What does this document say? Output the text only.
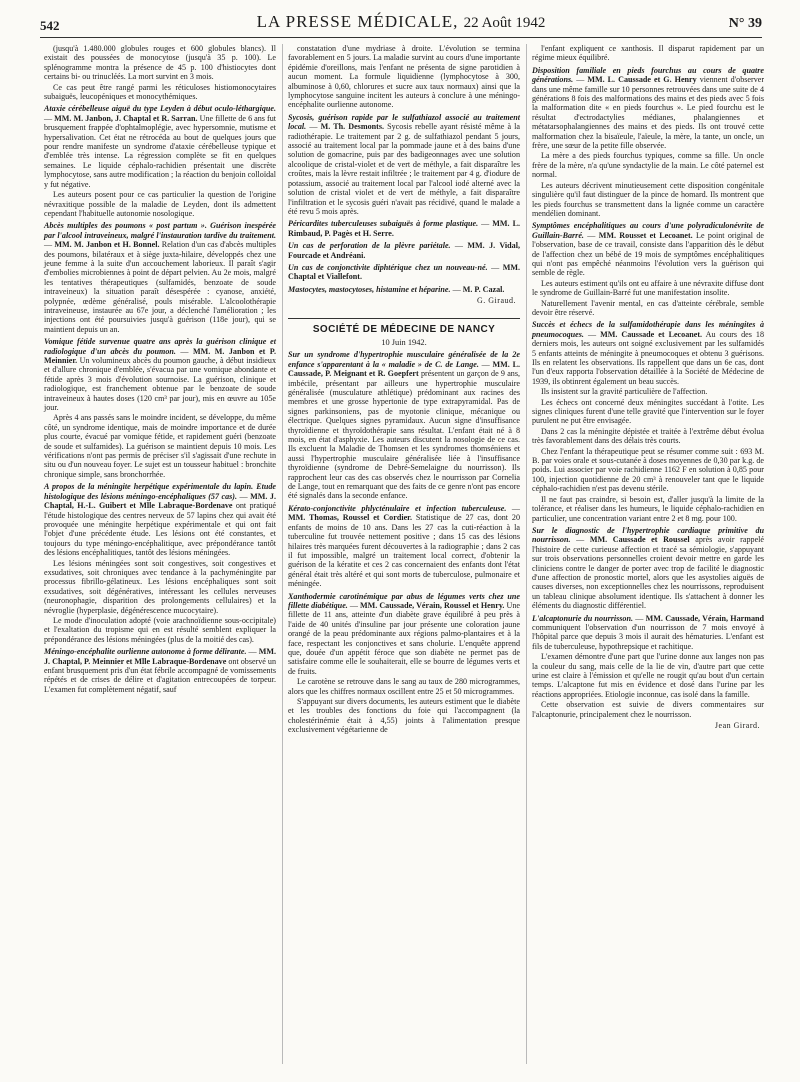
542	LA PRESSE MÉDICALE, 22 Août 1942	N° 39

(jusqu'à 1.480.000 globules rouges et 600 globules blancs). Il existait des poussées de monocytose (jusqu'à 35 p. 100). Le splénogramme montra la présence de 45 p. 100 d'histiocytes dont certains bi- ou trinucléés. La mort survint en 3 mois.

Ce cas peut être rangé parmi les réticuloses histiomonocytaires subaiguës, leucopéniques et monocythémiques.

Ataxie cérébelleuse aiguë du type Leyden à début oculo-léthargique. — MM. M. Janbon, J. Chaptal et R. Sarran. Une fillette de 6 ans fut brusquement frappée d'ophtalmoplégie, avec hypersomnie, mutisme et hypersalivation. Cet état ne rétrocéda au bout de quelques jours que pour rendre manifeste un syndrome d'ataxie cérébelleuse typique et d'emblée très intense. La régression complète se fit en quelques semaines. Le liquide céphalo-rachidien présentait une discrète lymphocytose, sans autre modification ; la réaction du benjoin colloïdal y fut négative.

Les auteurs posent pour ce cas particulier la question de l'origine névraxitique possible de la maladie de Leyden, dont ils admettent cependant l'habituelle autonomie nosologique.

Abcès multiples des poumons « post partum ». Guérison inespérée par l'alcool intraveineux, malgré l'instauration tardive du traitement. — MM. M. Janbon et H. Bonnel. Relation d'un cas d'abcès multiples des poumons, bilatéraux et à siège juxta-hilaire, développés chez une jeune femme à la suite d'un accouchement laborieux. Il paraît s'agir d'embolies microbiennes à point de départ pelvien. Au 2e mois, malgré les tentatives thérapeutiques (sulfamidés, benzoate de soude intraveineux) la situation paraît désespérée : cyanose, anxiété, polypnée, œdème généralisé, pouls misérable. L'alcoolothérapie intraveineuse, instaurée au 67e jour, a déclenché l'amélioration ; les injections ont été poursuivies jusqu'à guérison (118e jour), qui se maintient depuis un an.

Vomique fétide survenue quatre ans après la guérison clinique et radiologique d'un abcès du poumon. — MM. M. Janbon et P. Meinnier. Un volumineux abcès du poumon gauche, à début insidieux et d'allure chronique d'emblée, s'évacua par une vomique abondante et fétide après 3 mois d'évolution sournoise. La guérison, clinique et radiologique, est franchement obtenue par le benzoate de soude intraveineux à hautes doses (120 cm³ par jour), mis en œuvre au 105e jour.

Après 4 ans passés sans le moindre incident, se développe, du même côté, un syndrome identique, mais de moindre importance et de durée plus courte, évacué par vomique fétide, et rapidement guéri (benzoate de soude et sulfamides). La guérison se maintient depuis 10 mois. Les vérifications n'ont pas permis de préciser s'il s'agissait d'une rechute in situ ou d'un nouveau foyer. Le sujet est un tousseur habituel : bronchite chronique simple, sans bronchorrhée.

A propos de la méningite herpétique expérimentale du lapin. Etude histologique des lésions méningo-encéphaliques (57 cas). — MM. J. Chaptal, H.-L. Guibert et Mlle Labraque-Bordenave ont pratiqué l'étude histologique des centres nerveux de 57 lapins chez qui avait été provoquée une méningite herpétique expérimentale et qui ont fait l'objet d'une précédente étude. Les lésions ont été constantes, et toujours du type méningo-encéphalitique, avec prépondérance tantôt des lésions encéphalitiques, tantôt des lésions méningées.

Les lésions méningées sont soit congestives, soit congestives et exsudatives, soit chroniques avec tendance à la pachyméningite par processus fibrillo-gélatineux. Les lésions encéphaliques sont soit exsudatives, soit dégénératives, intéressant les cellules nerveuses (neuronophagie, disparition des prolongements cellulaires) et la névroglie (hyperplasie, dégénérescence mucocytaire).

Le mode d'inoculation adopté (voie arachnoïdienne sous-occipitale) et l'exaltation du tropisme qui en est résulté semblent expliquer la prépondérance des lésions méningées (plus de la moitié des cas).

Méningo-encéphalite ourlienne autonome à forme délirante. — MM. J. Chaptal, P. Meinnier et Mlle Labraque-Bordenave ont observé un enfant brusquement pris d'un état fébrile accompagné de vomissements répétés et de crises de délire et d'agitation entrecoupées de torpeur. L'examen fut complètement négatif, sauf

constatation d'une mydriase à droite. L'évolution se termina favorablement en 5 jours. La maladie survint au cours d'une importante épidémie d'oreillons, mais l'enfant ne présenta de signe parotidien à aucun moment. La formule liquidienne (lymphocytose à 300, albuminose à 0,60, chlorures et sucre aux taux normaux) ainsi que la lymphocytose sanguine incitent les auteurs à conclure à une méningo-encéphalite ourlienne autonome.

Sycosis, guérison rapide par le sulfathiazol associé au traitement local. — M. Th. Desmonts. Sycosis rebelle ayant résisté même à la radiothérapie. Le traitement par 2 g. de sulfathiazol pendant 5 jours, associé au traitement local par la pommade jaune et à des bains d'une solution de gomacrine, puis par des badigeonnages avec une solution alcoolique de cristal-violet et de vert de méthyle, a fait disparaître les croûtes, mais la lèvre restait infiltrée ; le traitement par 4 g. d'iodure de potassium, associé au traitement local par l'alcool iodé alterné avec la solution de cristal violet et de vert de méthyle, a fait disparaître l'infiltration et le sycosis guéri n'avait pas récidivé, quand le malade a été revu 5 mois après.

Péricardites tuberculeuses subaiguës à forme plastique. — MM. L. Rimbaud, P. Pagès et H. Serre.

Un cas de perforation de la plèvre pariétale. — MM. J. Vidal, Fourcade et Andréani.

Un cas de conjonctivite diphtérique chez un nouveau-né. — MM. Chaptal et Viallefont.

Mastocytes, mastocytoses, histamine et héparine. — M. P. Cazal.

G. Giraud.
SOCIÉTÉ DE MÉDECINE DE NANCY
10 Juin 1942.

Sur un syndrome d'hypertrophie musculaire généralisée de la 2e enfance s'apparentant à la « maladie » de C. de Lange. — MM. L. Caussade, P. Meignant et R. Goepfert présentent un garçon de 9 ans, imbécile, présentant par ailleurs une hypertrophie musculaire généralisée (musculature athlétique) prédominant aux racines des membres et une grosse hypertonie de type extrapyramidal. Pas de signes parkinsoniens, pas de myotonie clinique, mécanique ou électrique. Quelques signes pyramidaux. Aucun signe d'insuffisance thyroïdienne et thyroïdothérapie sans résultat. L'enfant était né à 8 mois, en état d'asphyxie. Les auteurs discutent la nosologie de ce cas. Ils excluent la Maladie de Thomsen et les syndromes thomséniens et aussi l'hypertrophie musculaire généralisée liée à l'insuffisance thyroïdienne (syndrome de Debré-Semelaigne du nourrisson). Ils rapprochent leur cas des cas observés chez le nourrisson par Cornelia de Lange, tout en remarquant que des faits de ce genre n'ont pas encore été signalés dans la seconde enfance.

Kérato-conjonctivite phlycténulaire et infection tuberculeuse. — MM. Thomas, Roussel et Cordier. Statistique de 27 cas, dont 20 enfants de moins de 10 ans. Dans les 27 cas la cuti-réaction à la tuberculine fut trouvée nettement positive ; dans 15 cas des lésions hilaires très marquées furent découvertes à la radiographie ; dans 2 cas il fut impossible, malgré un traitement local correct, d'obtenir la guérison de la kératite et ces 2 cas concernaient des enfants dont l'état général était très altéré et qui sont morts de tuberculose, pulmonaire et méningée.

Xanthodermie carotinémique par abus de légumes verts chez une fillette diabétique. — MM. Caussade, Vérain, Roussel et Henry. Une fillette de 11 ans, atteinte d'un diabète grave équilibré à peu près à l'aide de 40 unités d'insuline par jour présente une coloration jaune orangé de la peau prédominante aux régions palmo-plantaires et à la face, respectant les conjonctives et sans cholurie. L'enquête apprend que, douée d'un appétit féroce que son diabète ne permet pas de satisfaire comme elle le souhaiterait, elle se bourre de légumes verts et de fruits.

Le carotène se retrouve dans le sang au taux de 280 microgrammes, alors que les chiffres normaux oscillent entre 25 et 50 microgrammes.

S'appuyant sur divers documents, les auteurs estiment que le diabète et les troubles des fonctions du foie qui l'accompagnent (la cholestérinémie était à 4,55) joints à l'alimentation presque exclusivement végétarienne de

l'enfant expliquent ce xanthosis. Il disparut rapidement par un régime mieux équilibré.

Disposition familiale en pieds fourchus au cours de quatre générations. — MM. L. Caussade et G. Henry viennent d'observer dans une même famille sur 10 personnes retrouvées dans une suite de 4 générations 8 fois des malformations des mains et des pieds avec 5 fois la malformation dite « en pieds fourchus ». Le pied fourchu est le résultat d'ectrodactylies médianes, phalangiennes et métatarsophalangiennes des mains et des pieds. Ils ont trouvé cette malformation chez la bisaïeule, l'aïeule, la mère, la tante, un oncle, un frère, une sœur de la petite fille observée.

La mère a des pieds fourchus typiques, comme sa fille. Un oncle frère de la mère, n'a qu'une syndactylie de la main. Le côté paternel est normal.

Les auteurs décrivent minutieusement cette disposition congénitale singulière qu'il faut distinguer de la pince de homard. Ils montrent que les pieds fourchus se transmettent dans la lignée comme un caractère mendélien dominant.

Symptômes encéphalitiques au cours d'une polyradiculonévrite de Guillain-Barré. — MM. Rousset et Lecoanet. Le point original de l'observation, base de ce travail, consiste dans l'apparition dès le début de l'affection chez un bébé de 19 mois de symptômes encéphalitiques qui n'ont pas empêché néanmoins l'évolution vers la guérison qui semble de règle.

Les auteurs estiment qu'ils ont eu affaire à une névraxite diffuse dont le syndrome de Guillain-Barré fut une manifestation insolite.

Naturellement l'avenir mental, en cas d'atteinte cérébrale, semble devoir être réservé.

Succès et échecs de la sulfamidothérapie dans les méningites à pneumocoques. — MM. Caussade et Lecoanet. Au cours des 18 derniers mois, les auteurs ont soigné exclusivement par les sulfamidés 5 enfants atteints de méningite à pneumocoques et obtenu 3 guérisons. Ils en relatent les observations. Ils rappellent que dans un 6e cas, dont l'un d'eux rapporta l'observation détaillée à la Société de Médecine de 1939, ils obtinrent également un beau succès.

Ils insistent sur la gravité particulière de l'affection.

Les échecs ont concerné deux méningites succédant à l'otite. Les signes cliniques furent d'une telle gravité que l'intervention sur le foyer purulent ne put être envisagée.

Dans 2 cas la méningite dépistée et traitée à l'extrême début évolua très favorablement dans des délais très courts.

Chez l'enfant la thérapeutique peut se résumer comme suit : 693 M. B. par voies orale et sous-cutanée à doses moyennes de 0,30 par k.g. de poids. Lui associer par voie rachidienne 1162 F en solution à 0,85 pour 100, injection quotidienne de 20 cm³ à renouveler tant que le liquide céphalo-rachidien n'est pas devenu stérile.

Il ne faut pas craindre, si besoin est, d'aller jusqu'à la limite de la tolérance, et réaliser dans les humeurs, le liquide céphalo-rachidien en particulier, une concentration variant entre 2 et 8 mg. pour 100.

Sur le diagnostic de l'hypertrophie cardiaque primitive du nourrisson. — MM. Caussade et Roussel après avoir rappelé l'histoire de cette curieuse affection et tracé sa sémiologie, s'appuyant sur trois observations personnelles croient devoir mettre en garde les cliniciens contre le danger de porter avec trop de facilité le diagnostic d'une affection de pronostic mortel, alors que les asystolies aiguës de causes diverses, non exceptionnelles chez les nourrissons, reproduisent un tableau clinique absolument identique. Ils s'attachent à donner les éléments du diagnostic différentiel.

L'alcaptonurie du nourrisson. — MM. Caussade, Vérain, Harmand communiquent l'observation d'un nourrisson de 7 mois envoyé à l'hôpital parce que depuis 3 mois il aurait des hématuries. L'enfant est fils de tuberculeuse, hypothrepsique et rachitique.

L'examen démontre d'une part que l'urine donne aux langes non pas la couleur du sang, mais celle de la lie de vin, d'autre part que cette urine est claire à l'émission et qu'elle ne rougit qu'au bout d'un certain temps. L'alcaptone fut mis en évidence et dosé dans l'urine par les réactions appropriées. Etiologie inconnue, cas isolé dans la famille.

Cette observation est suivie de divers commentaires sur l'alcaptonurie, principalement chez le nourrisson.

Jean Girard.
